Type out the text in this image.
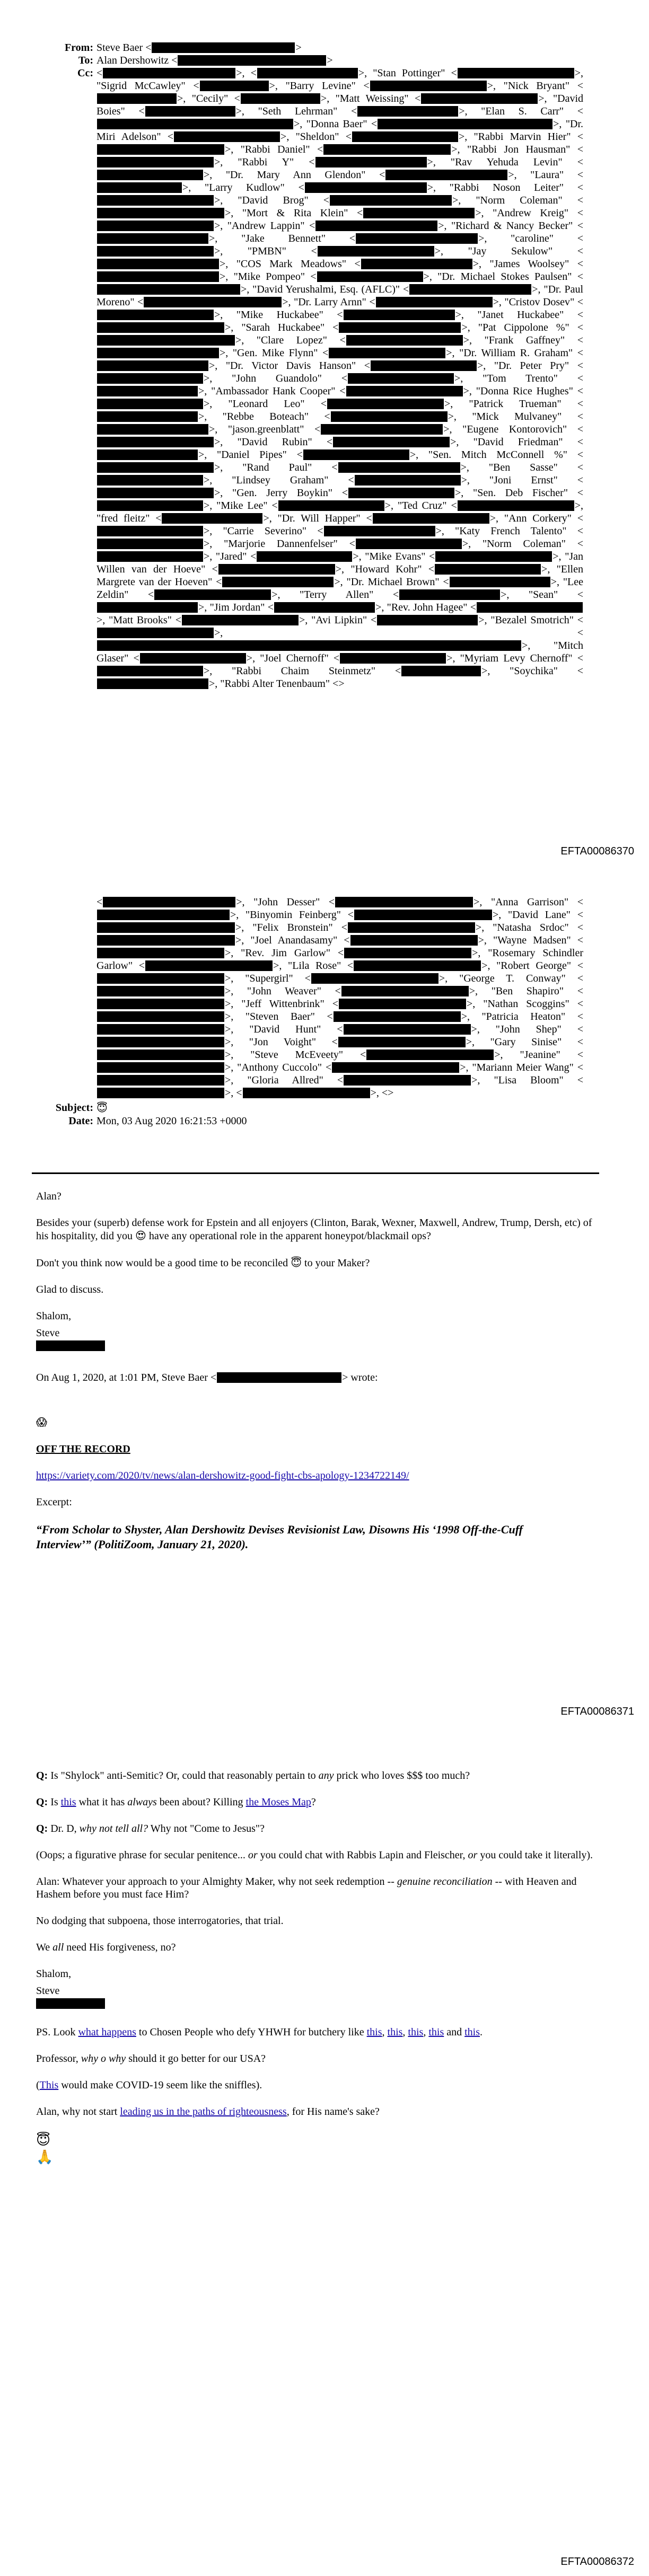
From: Steve Baer <	>
To: Alan Dershowitz <	>
Cc: <	>, <	>, "Stan Pottinger" <	>, "Sigrid McCawley" <	>, "Barry Levine" <	>, "Nick Bryant" <>, "Cecily" <	>, "Matt Weissing" <	>, "David Boies" <	>, "Seth Lehrman" <	>, "Elan S. Carr" <>, "Donna Baer" <	>, "Dr. Miri Adelson" <	>, "Sheldon" <	>, "Rabbi Marvin Hier" <>, "Rabbi Daniel" <	>, "Rabbi Jon Hausman" <>, "Rabbi Y" <	>, "Rav Yehuda Levin" <>, "Dr. Mary Ann Glendon" <	>, "Laura" <>, "Larry Kudlow" <	>, "Rabbi Noson Leiter" <>, "David Brog" <	>, "Norm Coleman" <>, "Mort & Rita Klein" <	>, "Andrew Kreig" <>, "Andrew Lappin" <	>, "Richard & Nancy Becker" <>, "Jake Bennett" <	>, "caroline" <>, "PMBN" <	>, "Jay Sekulow" <>, "COS Mark Meadows" <	>, "James Woolsey" <>, "Mike Pompeo" <	>, "Dr. Michael Stokes Paulsen" <>, "David Yerushalmi, Esq. (AFLC)" <	>, "Dr. Paul Moreno" <	>, "Dr. Larry Arnn" <	>, "Cristov Dosev" <>, "Mike Huckabee" <	>, "Janet Huckabee" <>, "Sarah Huckabee" <	>, "Pat Cippolone %" <>, "Clare Lopez" <	>, "Frank Gaffney" <>, "Gen. Mike Flynn" <	>, "Dr. William R. Graham" <>, "Dr. Victor Davis Hanson" <	>, "Dr. Peter Pry" <>, "John Guandolo" <	>, "Tom Trento" <>, "Ambassador Hank Cooper" <	>, "Donna Rice Hughes" <>, "Leonard Leo" <	>, "Patrick Trueman" <>, "Rebbe Boteach" <	>, "Mick Mulvaney" <>, "jason.greenblatt" <	>, "Eugene Kontorovich" <>, "David Rubin" <	>, "David Friedman" <>, "Daniel Pipes" <	>, "Sen. Mitch McConnell %" <>, "Rand Paul" <	>, "Ben Sasse" <>, "Lindsey Graham" <	>, "Joni Ernst" <>, "Gen. Jerry Boykin" <	>, "Sen. Deb Fischer" <>, "Mike Lee" <	>, "Ted Cruz" <	>, "fred fleitz" <	>, "Dr. Will Happer" <	>, "Ann Corkery" <>, "Carrie Severino" <	>, "Katy French Talento" <>, "Marjorie Dannenfelser" <	>, "Norm Coleman" <>, "Jared" <	>, "Mike Evans" <	>, "Jan Willen van der Hoeve" <	>, "Howard Kohr" <	>, "Ellen Margrete van der Hoeven" <	>, "Dr. Michael Brown" <	>, "Lee Zeldin" <	>, "Terry Allen" <	>, "Sean" <>, "Jim Jordan" <	>, "Rev. John Hagee" <>, "Matt Brooks" <	>, "Avi Lipkin" <	>, "Bezalel Smotrich" <>, <>, "Mitch Glaser" <	>, "Joel Chernoff" <	>, "Myriam Levy Chernoff" <>, "Rabbi Chaim Steinmetz" <	>, "Soychika" <>, "Rabbi Alter Tenenbaum" <>
EFTA00086370
<	>, "John Desser" <	>, "Anna Garrison" <>, "Binyomin Feinberg" <	>, "David Lane" <>, "Felix Bronstein" <	>, "Natasha Srdoc" <>, "Joel Anandasamy" <	>, "Wayne Madsen" <>, "Rev. Jim Garlow" <	>, "Rosemary Schindler Garlow" <	>, "Lila Rose" <	>, "Robert George" <>, "Supergirl" <	>, "George T. Conway" <>, "John Weaver" <	>, "Ben Shapiro" <>, "Jeff Wittenbrink" <	>, "Nathan Scoggins" <>, "Steven Baer" <	>, "Patricia Heaton" <>, "David Hunt" <	>, "John Shep" <>, "Jon Voight" <	>, "Gary Sinise" <>, "Steve McEveety" <	>, "Jeanine" <>, "Anthony Cuccolo" <	>, "Mariann Meier Wang" <>, "Gloria Allred" <	>, "Lisa Bloom" <>, <	>, <>
Subject: 😇
Date: Mon, 03 Aug 2020 16:21:53 +0000

Alan?

Besides your (superb) defense work for Epstein and all enjoyers (Clinton, Barak, Wexner, Maxwell, Andrew, Trump, Dersh, etc) of his hospitality, did you 😍 have any operational role in the apparent honeypot/blackmail ops?

Don't you think now would be a good time to be reconciled 😇 to your Maker?

Glad to discuss.

Shalom,

Steve

On Aug 1, 2020, at 1:01 PM, Steve Baer <	> wrote:

😱

OFF THE RECORD

https://variety.com/2020/tv/news/alan-dershowitz-good-fight-cbs-apology-1234722149/

Excerpt:

“From Scholar to Shyster, Alan Dershowitz Devises Revisionist Law, Disowns His ‘1998 Off-the-Cuff Interview’” (PolitiZoom, January 21, 2020).

EFTA00086371

Q: Is "Shylock" anti-Semitic? Or, could that reasonably pertain to any prick who loves $$$ too much?

Q: Is this what it has always been about? Killing the Moses Map?

Q: Dr. D, why not tell all? Why not "Come to Jesus"?

(Oops; a figurative phrase for secular penitence... or you could chat with Rabbis Lapin and Fleischer, or you could take it literally).

Alan: Whatever your approach to your Almighty Maker, why not seek redemption -- genuine reconciliation -- with Heaven and Hashem before you must face Him?

No dodging that subpoena, those interrogatories, that trial.

We all need His forgiveness, no?

Shalom,

Steve

PS. Look what happens to Chosen People who defy YHWH for butchery like this, this, this, this and this.

Professor, why o why should it go better for our USA?

(This would make COVID-19 seem like the sniffles).

Alan, why not start leading us in the paths of righteousness, for His name's sake?

😇
🙏
EFTA00086372
